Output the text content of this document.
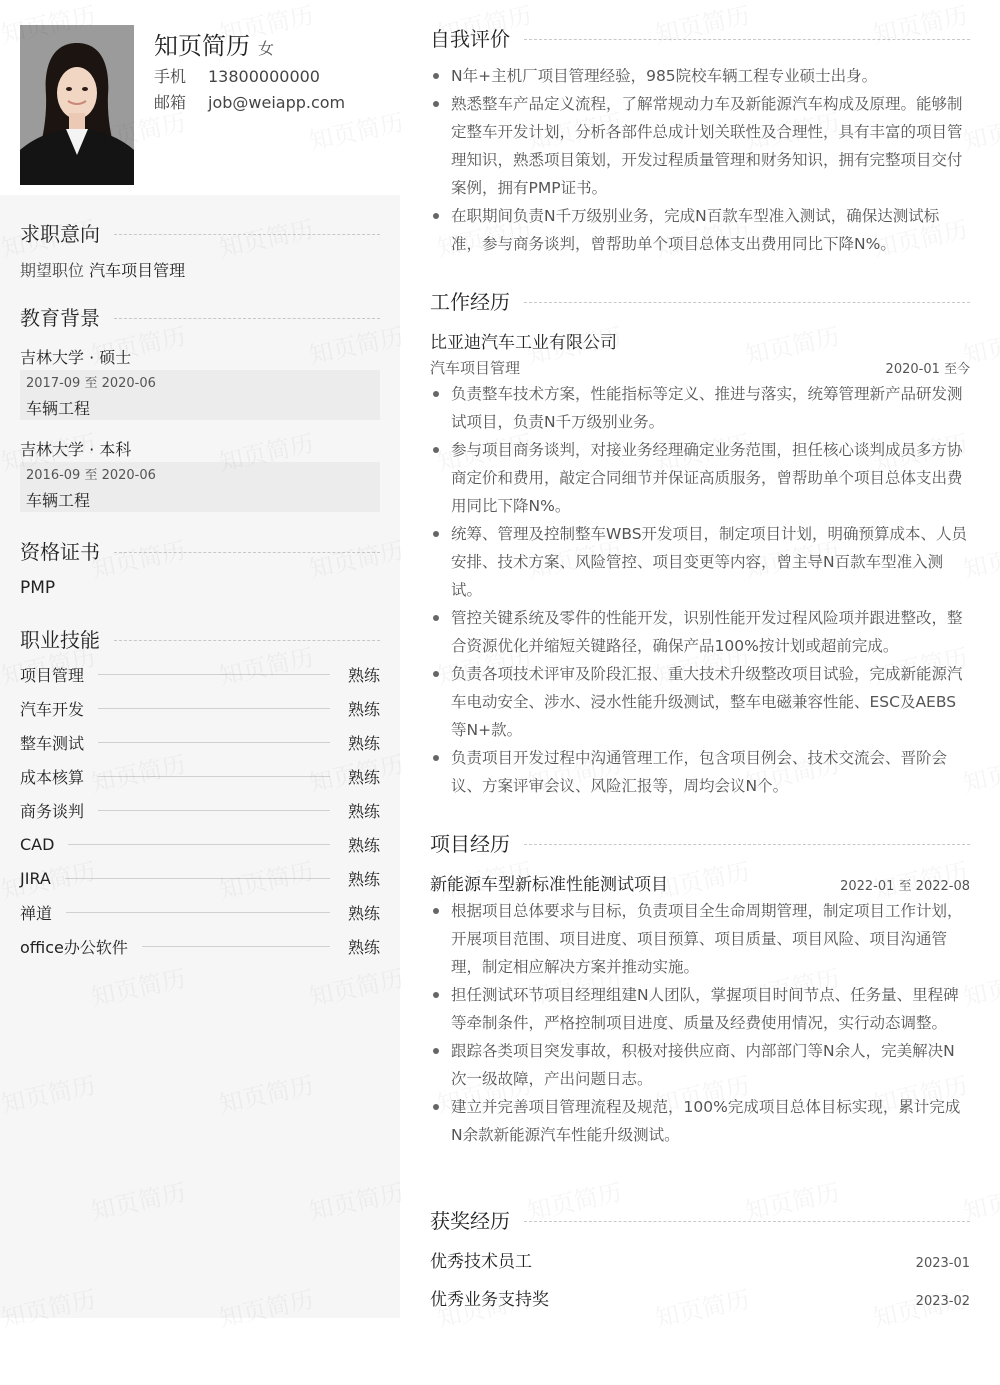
知页简历 女
手机	13800000000
邮箱	job@weiapp.com
求职意向
期望职位 汽车项目管理
教育背景
吉林大学 · 硕士
2017-09 至 2020-06
车辆工程
吉林大学 · 本科
2016-09 至 2020-06
车辆工程
资格证书
PMP
职业技能
项目管理	熟练
汽车开发	熟练
整车测试	熟练
成本核算	熟练
商务谈判	熟练
CAD	熟练
JIRA	熟练
禅道	熟练
office办公软件	熟练
自我评价
N年+主机厂项目管理经验，985院校车辆工程专业硕士出身。
熟悉整车产品定义流程，了解常规动力车及新能源汽车构成及原理。能够制定整车开发计划，分析各部件总成计划关联性及合理性，具有丰富的项目管理知识，熟悉项目策划，开发过程质量管理和财务知识，拥有完整项目交付案例，拥有PMP证书。
在职期间负责N千万级别业务，完成N百款车型准入测试，确保达测试标准，参与商务谈判，曾帮助单个项目总体支出费用同比下降N%。
工作经历
比亚迪汽车工业有限公司
汽车项目管理	2020-01 至今
负责整车技术方案，性能指标等定义、推进与落实，统筹管理新产品研发测试项目，负责N千万级别业务。
参与项目商务谈判，对接业务经理确定业务范围，担任核心谈判成员多方协商定价和费用，敲定合同细节并保证高质服务，曾帮助单个项目总体支出费用同比下降N%。
统筹、管理及控制整车WBS开发项目，制定项目计划，明确预算成本、人员安排、技术方案、风险管控、项目变更等内容，曾主导N百款车型准入测试。
管控关键系统及零件的性能开发，识别性能开发过程风险项并跟进整改，整合资源优化并缩短关键路径，确保产品100%按计划或超前完成。
负责各项技术评审及阶段汇报、重大技术升级整改项目试验，完成新能源汽车电动安全、涉水、浸水性能升级测试，整车电磁兼容性能、ESC及AEBS等N+款。
负责项目开发过程中沟通管理工作，包含项目例会、技术交流会、晋阶会议、方案评审会议、风险汇报等，周均会议N个。
项目经历
新能源车型新标准性能测试项目	2022-01 至 2022-08
根据项目总体要求与目标，负责项目全生命周期管理，制定项目工作计划，开展项目范围、项目进度、项目预算、项目质量、项目风险、项目沟通管理，制定相应解决方案并推动实施。
担任测试环节项目经理组建N人团队，掌握项目时间节点、任务量、里程碑等牵制条件，严格控制项目进度、质量及经费使用情况，实行动态调整。
跟踪各类项目突发事故，积极对接供应商、内部部门等N余人，完美解决N次一级故障，产出问题日志。
建立并完善项目管理流程及规范，100%完成项目总体目标实现，累计完成N余款新能源汽车性能升级测试。
获奖经历
优秀技术员工	2023-01
优秀业务支持奖	2023-02
